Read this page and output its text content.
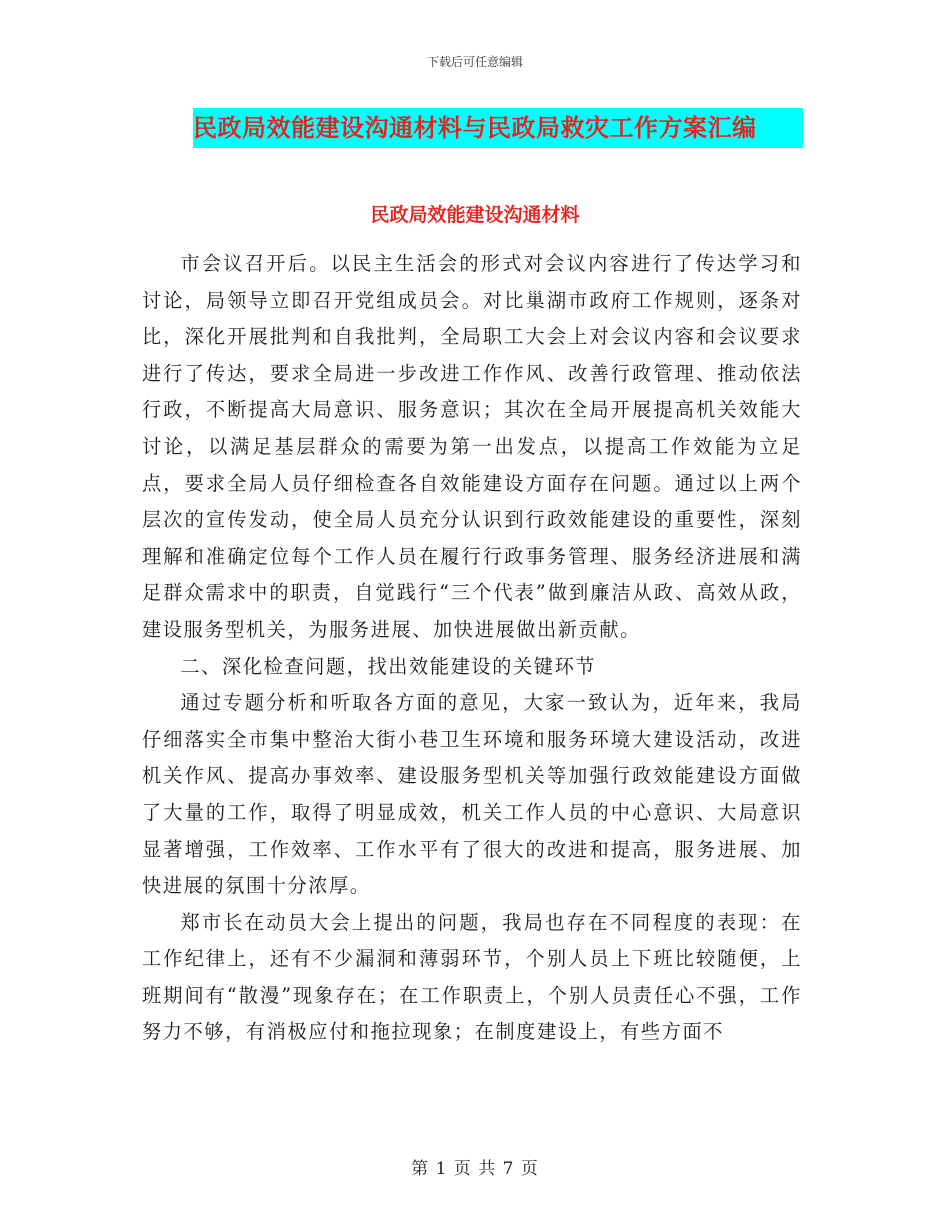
下载后可任意编辑
民政局效能建设沟通材料与民政局救灾工作方案汇编
民政局效能建设沟通材料

市会议召开后。以民主生活会的形式对会议内容进行了传达学习和讨论，局领导立即召开党组成员会。对比巢湖市政府工作规则，逐条对比，深化开展批判和自我批判，全局职工大会上对会议内容和会议要求进行了传达，要求全局进一步改进工作作风、改善行政管理、推动依法行政，不断提高大局意识、服务意识；其次在全局开展提高机关效能大讨论，以满足基层群众的需要为第一出发点，以提高工作效能为立足点，要求全局人员仔细检查各自效能建设方面存在问题。通过以上两个层次的宣传发动，使全局人员充分认识到行政效能建设的重要性，深刻理解和准确定位每个工作人员在履行行政事务管理、服务经济进展和满足群众需求中的职责，自觉践行“三个代表”做到廉洁从政、高效从政，建设服务型机关，为服务进展、加快进展做出新贡献。

二、深化检查问题，找出效能建设的关键环节

通过专题分析和听取各方面的意见，大家一致认为，近年来，我局仔细落实全市集中整治大街小巷卫生环境和服务环境大建设活动，改进机关作风、提高办事效率、建设服务型机关等加强行政效能建设方面做了大量的工作，取得了明显成效，机关工作人员的中心意识、大局意识显著增强，工作效率、工作水平有了很大的改进和提高，服务进展、加快进展的氛围十分浓厚。

郑市长在动员大会上提出的问题，我局也存在不同程度的表现：在工作纪律上，还有不少漏洞和薄弱环节，个别人员上下班比较随便，上班期间有“散漫”现象存在；在工作职责上，个别人员责任心不强，工作努力不够，有消极应付和拖拉现象；在制度建设上，有些方面不

第 1 页 共 7 页
